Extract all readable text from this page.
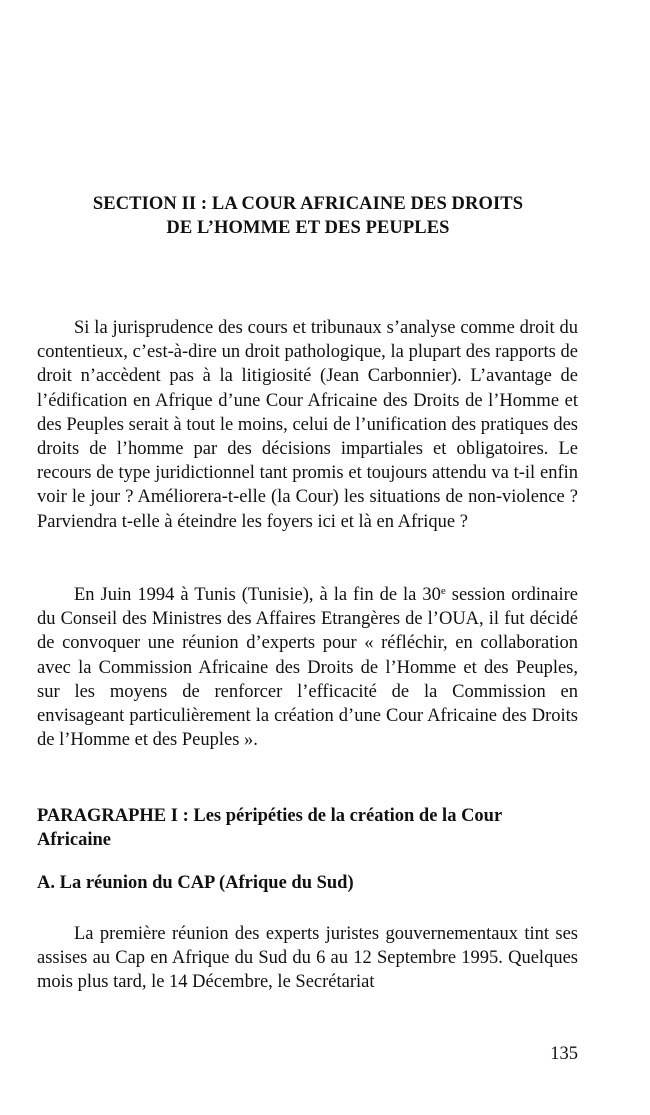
SECTION II : LA COUR AFRICAINE DES DROITS
DE L’HOMME ET DES PEUPLES

Si la jurisprudence des cours et tribunaux s’analyse comme droit du contentieux, c’est-à-dire un droit pathologique, la plupart des rapports de droit n’accèdent pas à la litigiosité (Jean Carbonnier). L’avantage de l’édification en Afrique d’une Cour Africaine des Droits de l’Homme et des Peuples serait à tout le moins, celui de l’unification des pratiques des droits de l’homme par des décisions impartiales et obligatoires. Le recours de type juridictionnel tant promis et toujours attendu va t-il enfin voir le jour ? Améliorera-t-elle (la Cour) les situations de non-violence ? Parviendra t-elle à éteindre les foyers ici et là en Afrique ?

En Juin 1994 à Tunis (Tunisie), à la fin de la 30e session ordinaire du Conseil des Ministres des Affaires Etrangères de l’OUA, il fut décidé de convoquer une réunion d’experts pour « réfléchir, en collaboration avec la Commission Africaine des Droits de l’Homme et des Peuples, sur les moyens de renforcer l’efficacité de la Commission en envisageant particulièrement la création d’une Cour Africaine des Droits de l’Homme et des Peuples ».

PARAGRAPHE I : Les péripéties de la création de la Cour Africaine
A. La réunion du CAP (Afrique du Sud)

La première réunion des experts juristes gouvernementaux tint ses assises au Cap en Afrique du Sud du 6 au 12 Septembre 1995. Quelques mois plus tard, le 14 Décembre, le Secrétariat

135
